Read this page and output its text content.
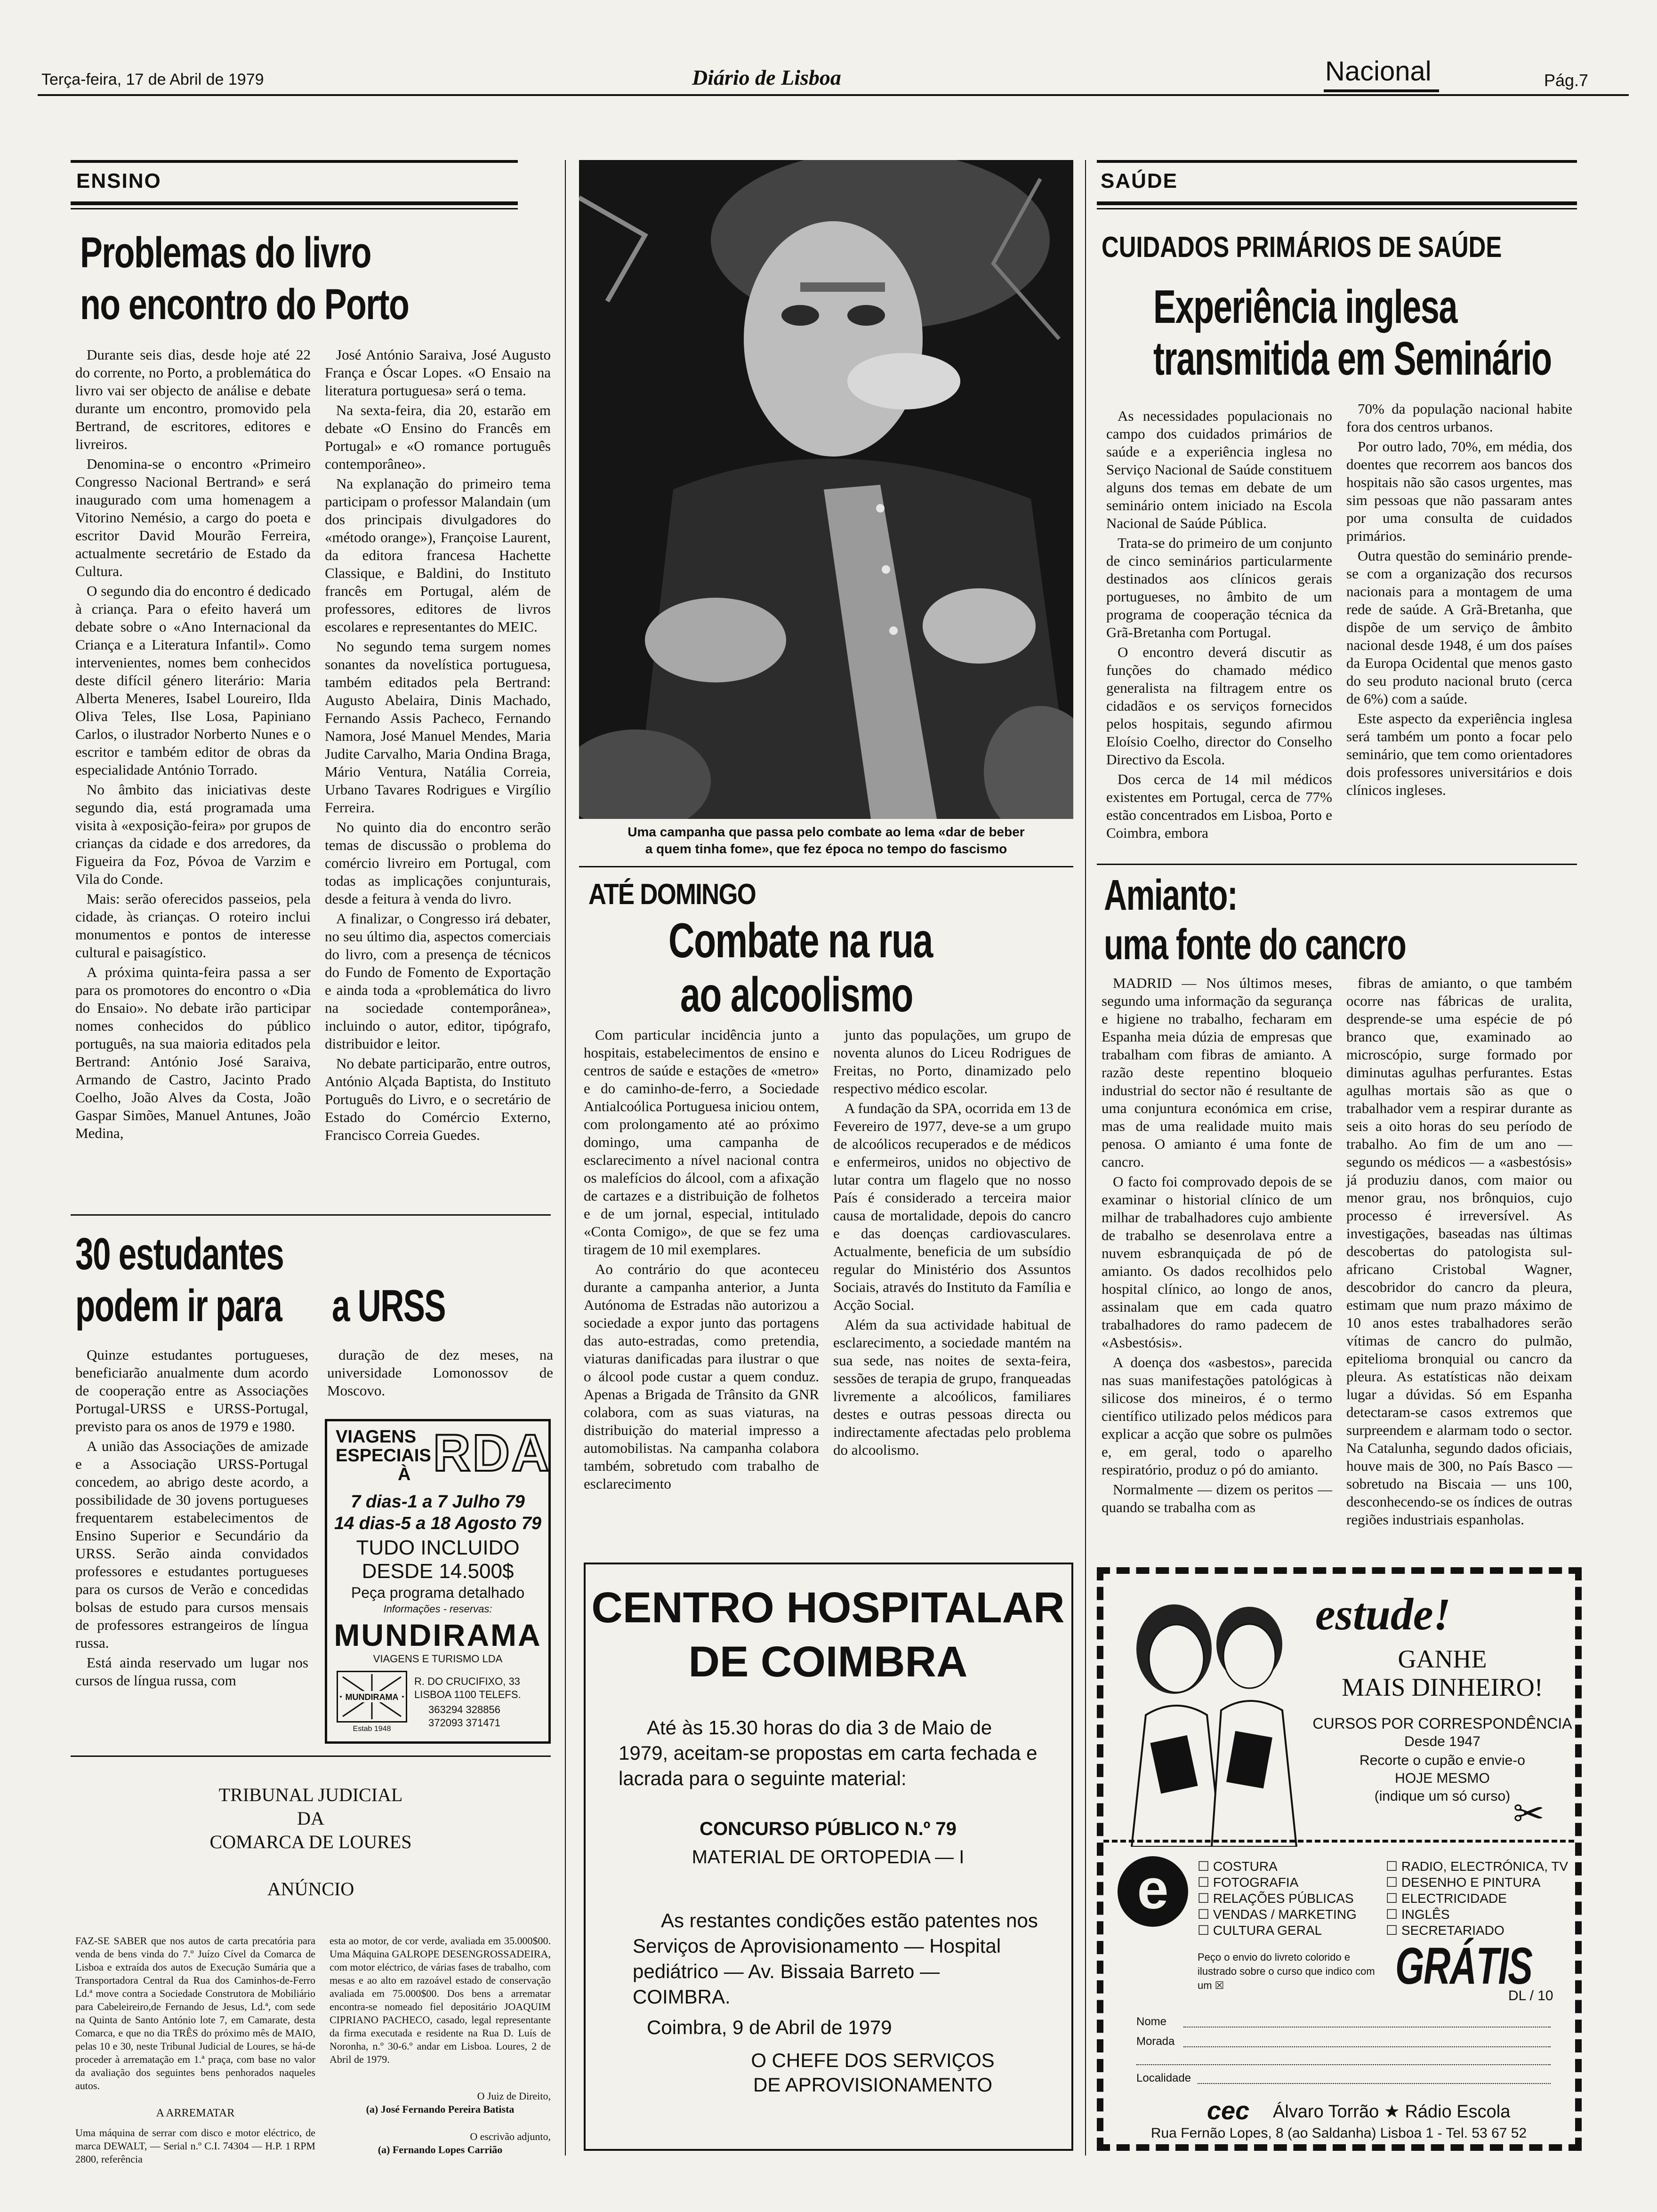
Terça-feira, 17 de Abril de 1979	Diário de Lisboa	Nacional	Pág.7
ENSINO
Problemas do livro
no encontro do Porto

Durante seis dias, desde hoje até 22 do corrente, no Porto, a problemática do livro vai ser objecto de análise e debate durante um encontro, promovido pela Bertrand, de escritores, editores e livreiros.

Denomina-se o encontro «Primeiro Congresso Nacional Bertrand» e será inaugurado com uma homenagem a Vitorino Nemésio, a cargo do poeta e escritor David Mourão Ferreira, actualmente secretário de Estado da Cultura.

O segundo dia do encontro é dedicado à criança. Para o efeito haverá um debate sobre o «Ano Internacional da Criança e a Literatura Infantil». Como intervenientes, nomes bem conhecidos deste difícil género literário: Maria Alberta Meneres, Isabel Loureiro, Ilda Oliva Teles, Ilse Losa, Papiniano Carlos, o ilustrador Norberto Nunes e o escritor e também editor de obras da especialidade António Torrado.

No âmbito das iniciativas deste segundo dia, está programada uma visita à «exposição-feira» por grupos de crianças da cidade e dos arredores, da Figueira da Foz, Póvoa de Varzim e Vila do Conde.

Mais: serão oferecidos passeios, pela cidade, às crianças. O roteiro inclui monumentos e pontos de interesse cultural e paisagístico.

A próxima quinta-feira passa a ser para os promotores do encontro o «Dia do Ensaio». No debate irão participar nomes conhecidos do público português, na sua maioria editados pela Bertrand: António José Saraiva, Armando de Castro, Jacinto Prado Coelho, João Alves da Costa, João Gaspar Simões, Manuel Antunes, João Medina,

José António Saraiva, José Augusto França e Óscar Lopes. «O Ensaio na literatura portuguesa» será o tema.

Na sexta-feira, dia 20, estarão em debate «O Ensino do Francês em Portugal» e «O romance português contemporâneo».

Na explanação do primeiro tema participam o professor Malandain (um dos principais divulgadores do «método orange»), Françoise Laurent, da editora francesa Hachette Classique, e Baldini, do Instituto francês em Portugal, além de professores, editores de livros escolares e representantes do MEIC.

No segundo tema surgem nomes sonantes da novelística portuguesa, também editados pela Bertrand: Augusto Abelaira, Dinis Machado, Fernando Assis Pacheco, Fernando Namora, José Manuel Mendes, Maria Judite Carvalho, Maria Ondina Braga, Mário Ventura, Natália Correia, Urbano Tavares Rodrigues e Virgílio Ferreira.

No quinto dia do encontro serão temas de discussão o problema do comércio livreiro em Portugal, com todas as implicações conjunturais, desde a feitura à venda do livro.

A finalizar, o Congresso irá debater, no seu último dia, aspectos comerciais do livro, com a presença de técnicos do Fundo de Fomento de Exportação e ainda toda a «problemática do livro na sociedade contemporânea», incluindo o autor, editor, tipógrafo, distribuidor e leitor.

No debate participarão, entre outros, António Alçada Baptista, do Instituto Português do Livro, e o secretário de Estado do Comércio Externo, Francisco Correia Guedes.

30 estudantes
podem ir para a URSS

Quinze estudantes portugueses, beneficiarão anualmente dum acordo de cooperação entre as Associações Portugal-URSS e URSS-Portugal, previsto para os anos de 1979 e 1980.

A união das Associações de amizade e a Associação URSS-Portugal concedem, ao abrigo deste acordo, a possibilidade de 30 jovens portugueses frequentarem estabelecimentos de Ensino Superior e Secundário da URSS. Serão ainda convidados professores e estudantes portugueses para os cursos de Verão e concedidas bolsas de estudo para cursos mensais de professores estrangeiros de língua russa.

Está ainda reservado um lugar nos cursos de língua russa, com

duração de dez meses, na universidade Lomonossov de Moscovo.

VIAGENS
ESPECIAIS
À RDA
7 dias-1 a 7 Julho 79
14 dias-5 a 18 Agosto 79
TUDO INCLUIDO
DESDE 14.500$
Peça programa detalhado
Informações - reservas:
MUNDIRAMA
VIAGENS E TURISMO LDA
MUNDIRAMA
Estab 1948
R. DO CRUCIFIXO, 33
LISBOA 1100 TELEFS.
363294 328856
372093 371471
TRIBUNAL JUDICIAL
DA
COMARCA DE LOURES
ANÚNCIO
FAZ-SE SABER que nos autos de carta precatória para venda de bens vinda do 7.º Juízo Cível da Comarca de Lisboa e extraída dos autos de Execução Sumária que a Transportadora Central da Rua dos Caminhos-de-Ferro Ld.ª move contra a Sociedade Construtora de Mobiliário para Cabeleireiro,de Fernando de Jesus, Ld.ª, com sede na Quinta de Santo António lote 7, em Camarate, desta Comarca, e que no dia TRÊS do próximo mês de MAIO, pelas 10 e 30, neste Tribunal Judicial de Loures, se há-de proceder à arrematação em 1.ª praça, com base no valor da avaliação dos seguintes bens penhorados naqueles autos.
A ARREMATAR
Uma máquina de serrar com disco e motor eléctrico, de marca DEWALT, — Serial n.º C.I. 74304 — H.P. 1 RPM 2800, referência
esta ao motor, de cor verde, avaliada em 35.000$00. Uma Máquina GALROPE DESENGROSSADEIRA, com motor eléctrico, de várias fases de trabalho, com mesas e ao alto em razoável estado de conservação avaliada em 75.000$00. Dos bens a arrematar encontra-se nomeado fiel depositário JOAQUIM CIPRIANO PACHECO, casado, legal representante da firma executada e residente na Rua D. Luís de Noronha, n.º 30-6.º andar em Lisboa. Loures, 2 de Abril de 1979.
O Juiz de Direito,
(a) José Fernando Pereira Batista
O escrivão adjunto,
(a) Fernando Lopes Carrião
Uma campanha que passa pelo combate ao lema «dar de beber
a quem tinha fome», que fez época no tempo do fascismo
ATÉ DOMINGO
Combate na rua
ao alcoolismo

Com particular incidência junto a hospitais, estabelecimentos de ensino e centros de saúde e estações de «metro» e do caminho-de-ferro, a Sociedade Antialcoólica Portuguesa iniciou ontem, com prolongamento até ao próximo domingo, uma campanha de esclarecimento a nível nacional contra os malefícios do álcool, com a afixação de cartazes e a distribuição de folhetos e de um jornal, especial, intitulado «Conta Comigo», de que se fez uma tiragem de 10 mil exemplares.

Ao contrário do que aconteceu durante a campanha anterior, a Junta Autónoma de Estradas não autorizou a sociedade a expor junto das portagens das auto-estradas, como pretendia, viaturas danificadas para ilustrar o que o álcool pode custar a quem conduz. Apenas a Brigada de Trânsito da GNR colabora, com as suas viaturas, na distribuição do material impresso a automobilistas. Na campanha colabora também, sobretudo com trabalho de esclarecimento

junto das populações, um grupo de noventa alunos do Liceu Rodrigues de Freitas, no Porto, dinamizado pelo respectivo médico escolar.

A fundação da SPA, ocorrida em 13 de Fevereiro de 1977, deve-se a um grupo de alcoólicos recuperados e de médicos e enfermeiros, unidos no objectivo de lutar contra um flagelo que no nosso País é considerado a terceira maior causa de mortalidade, depois do cancro e das doenças cardiovasculares. Actualmente, beneficia de um subsídio regular do Ministério dos Assuntos Sociais, através do Instituto da Família e Acção Social.

Além da sua actividade habitual de esclarecimento, a sociedade mantém na sua sede, nas noites de sexta-feira, sessões de terapia de grupo, franqueadas livremente a alcoólicos, familiares destes e outras pessoas directa ou indirectamente afectadas pelo problema do alcoolismo.

CENTRO HOSPITALAR
DE COIMBRA
Até às 15.30 horas do dia 3 de Maio de 1979, aceitam-se propostas em carta fechada e lacrada para o seguinte material:
CONCURSO PÚBLICO N.º 79
MATERIAL DE ORTOPEDIA — I
As restantes condições estão patentes nos Serviços de Aprovisionamento — Hospital pediátrico — Av. Bissaia Barreto — COIMBRA.
Coimbra, 9 de Abril de 1979
O CHEFE DOS SERVIÇOS
DE APROVISIONAMENTO
SAÚDE
CUIDADOS PRIMÁRIOS DE SAÚDE
Experiência inglesa
transmitida em Seminário

As necessidades populacionais no campo dos cuidados primários de saúde e a experiência inglesa no Serviço Nacional de Saúde constituem alguns dos temas em debate de um seminário ontem iniciado na Escola Nacional de Saúde Pública.

Trata-se do primeiro de um conjunto de cinco seminários particularmente destinados aos clínicos gerais portugueses, no âmbito de um programa de cooperação técnica da Grã-Bretanha com Portugal.

O encontro deverá discutir as funções do chamado médico generalista na filtragem entre os cidadãos e os serviços fornecidos pelos hospitais, segundo afirmou Eloísio Coelho, director do Conselho Directivo da Escola.

Dos cerca de 14 mil médicos existentes em Portugal, cerca de 77% estão concentrados em Lisboa, Porto e Coimbra, embora

70% da população nacional habite fora dos centros urbanos.

Por outro lado, 70%, em média, dos doentes que recorrem aos bancos dos hospitais não são casos urgentes, mas sim pessoas que não passaram antes por uma consulta de cuidados primários.

Outra questão do seminário prende-se com a organização dos recursos nacionais para a montagem de uma rede de saúde. A Grã-Bretanha, que dispõe de um serviço de âmbito nacional desde 1948, é um dos países da Europa Ocidental que menos gasto do seu produto nacional bruto (cerca de 6%) com a saúde.

Este aspecto da experiência inglesa será também um ponto a focar pelo seminário, que tem como orientadores dois professores universitários e dois clínicos ingleses.

Amianto:
uma fonte do cancro

MADRID — Nos últimos meses, segundo uma informação da segurança e higiene no trabalho, fecharam em Espanha meia dúzia de empresas que trabalham com fibras de amianto. A razão deste repentino bloqueio industrial do sector não é resultante de uma conjuntura económica em crise, mas de uma realidade muito mais penosa. O amianto é uma fonte de cancro.

O facto foi comprovado depois de se examinar o historial clínico de um milhar de trabalhadores cujo ambiente de trabalho se desenrolava entre a nuvem esbranquiçada de pó de amianto. Os dados recolhidos pelo hospital clínico, ao longo de anos, assinalam que em cada quatro trabalhadores do ramo padecem de «Asbestósis».

A doença dos «asbestos», parecida nas suas manifestações patológicas à silicose dos mineiros, é o termo científico utilizado pelos médicos para explicar a acção que sobre os pulmões e, em geral, todo o aparelho respiratório, produz o pó do amianto.

Normalmente — dizem os peritos — quando se trabalha com as

fibras de amianto, o que também ocorre nas fábricas de uralita, desprende-se uma espécie de pó branco que, examinado ao microscópio, surge formado por diminutas agulhas perfurantes. Estas agulhas mortais são as que o trabalhador vem a respirar durante as seis a oito horas do seu período de trabalho. Ao fim de um ano — segundo os médicos — a «asbestósis» já produziu danos, com maior ou menor grau, nos brônquios, cujo processo é irreversível. As investigações, baseadas nas últimas descobertas do patologista sul-africano Cristobal Wagner, descobridor do cancro da pleura, estimam que num prazo máximo de 10 anos estes trabalhadores serão vítimas de cancro do pulmão, epitelioma bronquial ou cancro da pleura. As estatísticas não deixam lugar a dúvidas. Só em Espanha detectaram-se casos extremos que surpreendem e alarmam todo o sector. Na Catalunha, segundo dados oficiais, houve mais de 300, no País Basco — sobretudo na Biscaia — uns 100, desconhecendo-se os índices de outras regiões industriais espanholas.

estude!
GANHE
MAIS DINHEIRO!
CURSOS POR CORRESPONDÊNCIA
Desde 1947
Recorte o cupão e envie-o
HOJE MESMO
(indique um só curso) ✂
e	☐ COSTURA
☐ FOTOGRAFIA
☐ RELAÇÕES PÚBLICAS
☐ VENDAS / MARKETING
☐ CULTURA GERAL
☐ RADIO, ELECTRÓNICA, TV
☐ DESENHO E PINTURA
☐ ELECTRICIDADE
☐ INGLÊS
☐ SECRETARIADO
Peço o envio do livreto colorido e ilustrado sobre o curso que indico com um ☒	GRÁTIS
DL / 10
Nome
Morada
Localidade
cec Álvaro Torrão ★ Rádio Escola
Rua Fernão Lopes, 8 (ao Saldanha) Lisboa 1 - Tel. 53 67 52
